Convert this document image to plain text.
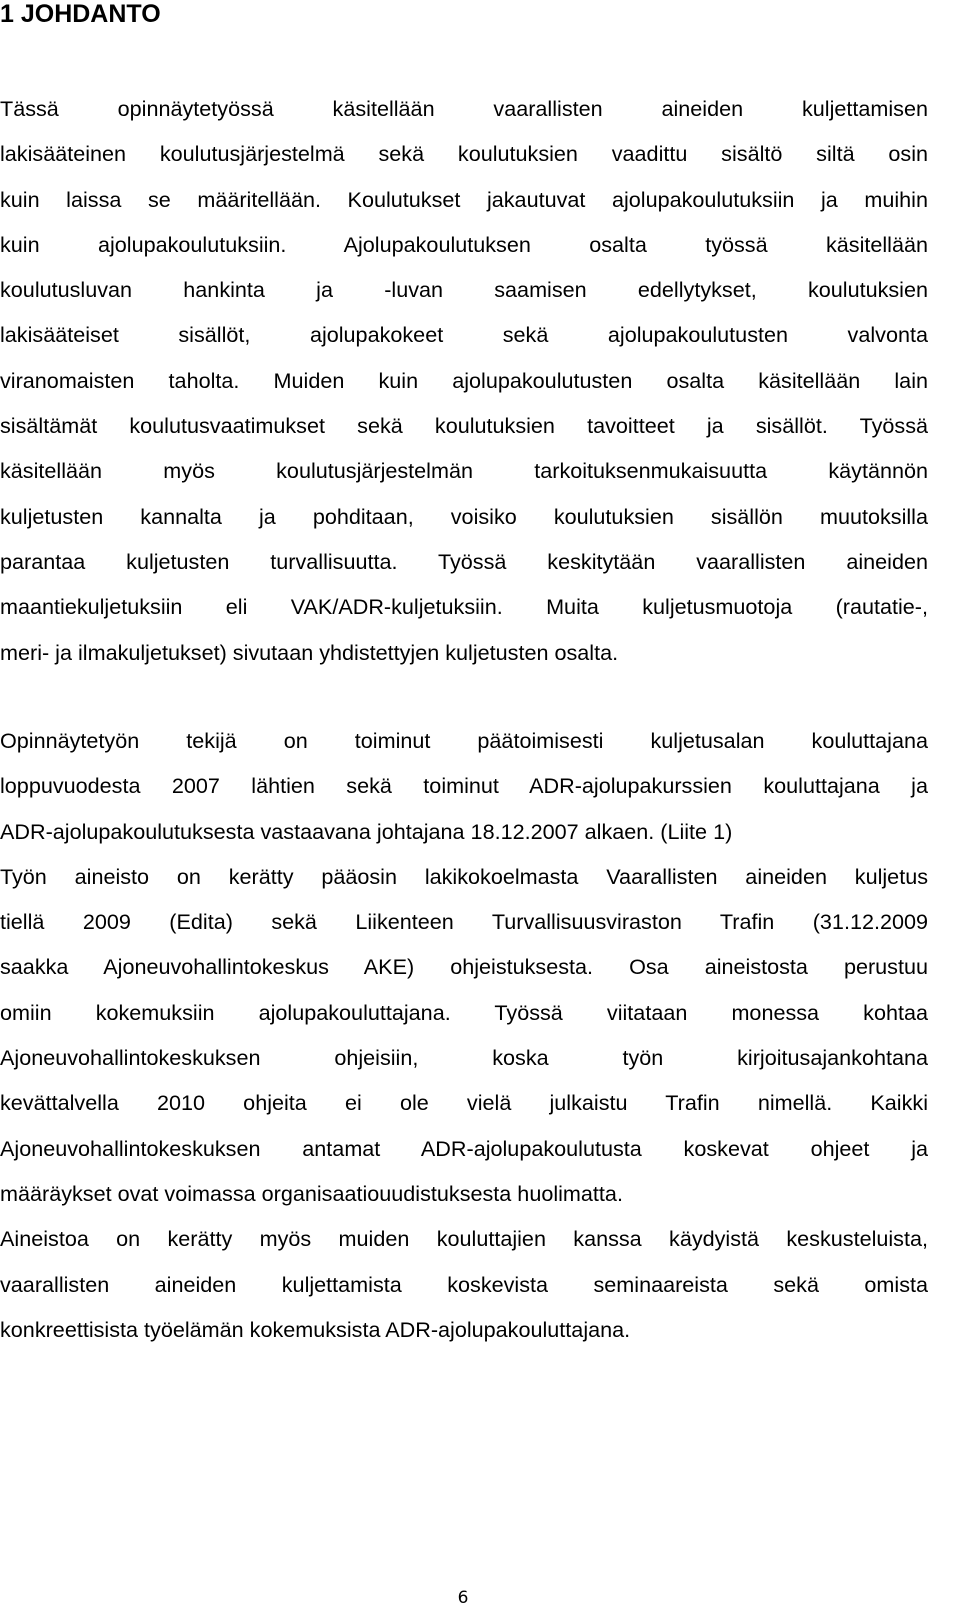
1 JOHDANTO

Tässä opinnäytetyössä käsitellään vaarallisten aineiden kuljettamisen
lakisääteinen koulutusjärjestelmä sekä koulutuksien vaadittu sisältö siltä osin
kuin laissa se määritellään. Koulutukset jakautuvat ajolupakoulutuksiin ja muihin
kuin ajolupakoulutuksiin. Ajolupakoulutuksen osalta työssä käsitellään
koulutusluvan hankinta ja -luvan saamisen edellytykset, koulutuksien
lakisääteiset sisällöt, ajolupakokeet sekä ajolupakoulutusten valvonta
viranomaisten taholta. Muiden kuin ajolupakoulutusten osalta käsitellään lain
sisältämät koulutusvaatimukset sekä koulutuksien tavoitteet ja sisällöt. Työssä
käsitellään myös koulutusjärjestelmän tarkoituksenmukaisuutta käytännön
kuljetusten kannalta ja pohditaan, voisiko koulutuksien sisällön muutoksilla
parantaa kuljetusten turvallisuutta. Työssä keskitytään vaarallisten aineiden
maantiekuljetuksiin eli VAK/ADR-kuljetuksiin. Muita kuljetusmuotoja (rautatie-,
meri- ja ilmakuljetukset) sivutaan yhdistettyjen kuljetusten osalta.

Opinnäytetyön tekijä on toiminut päätoimisesti kuljetusalan kouluttajana
loppuvuodesta 2007 lähtien sekä toiminut ADR-ajolupakurssien kouluttajana ja
ADR-ajolupakoulutuksesta vastaavana johtajana 18.12.2007 alkaen. (Liite 1)
Työn aineisto on kerätty pääosin lakikokoelmasta Vaarallisten aineiden kuljetus
tiellä 2009 (Edita) sekä Liikenteen Turvallisuusviraston Trafin (31.12.2009
saakka Ajoneuvohallintokeskus AKE) ohjeistuksesta. Osa aineistosta perustuu
omiin kokemuksiin ajolupakouluttajana. Työssä viitataan monessa kohtaa
Ajoneuvohallintokeskuksen ohjeisiin, koska työn kirjoitusajankohtana
kevättalvella 2010 ohjeita ei ole vielä julkaistu Trafin nimellä. Kaikki
Ajoneuvohallintokeskuksen antamat ADR-ajolupakoulutusta koskevat ohjeet ja
määräykset ovat voimassa organisaatiouudistuksesta huolimatta.
Aineistoa on kerätty myös muiden kouluttajien kanssa käydyistä keskusteluista,
vaarallisten aineiden kuljettamista koskevista seminaareista sekä omista
konkreettisista työelämän kokemuksista ADR-ajolupakouluttajana.

6
